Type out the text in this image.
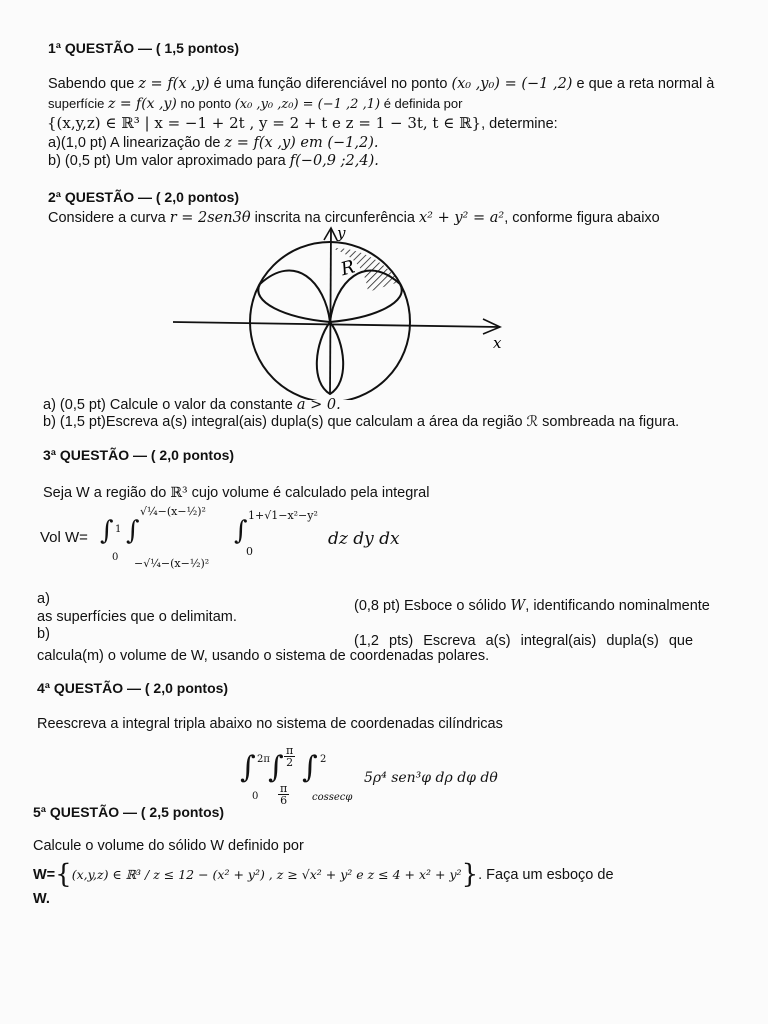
1ª QUESTÃO — ( 1,5 pontos)
Sabendo que z = f(x ,y) é uma função diferenciável no ponto (x₀ ,y₀) = (−1 ,2) e que a reta normal à
superfície z = f(x ,y) no ponto (x₀ ,y₀ ,z₀) = (−1 ,2 ,1) é definida por
{(x,y,z) ∈ ℝ³ | x = −1 + 2t , y = 2 + t e z = 1 − 3t, t ∈ ℝ}, determine:
a)(1,0 pt) A linearização de z = f(x ,y) em (−1,2).
b) (0,5 pt) Um valor aproximado para f(−0,9 ;2,4).
2ª QUESTÃO — ( 2,0 pontos)
Considere a curva r = 2sen3θ inscrita na circunferência x² + y² = a², conforme figura abaixo
y
x
R
a) (0,5 pt) Calcule o valor da constante a > 0.
b) (1,5 pt)Escreva a(s) integral(ais) dupla(s) que calculam a área da região ℛ sombreada na figura.
3ª QUESTÃO — ( 2,0 pontos)
Seja W a região do ℝ³ cujo volume é calculado pela integral
Vol W= ∫ 1
0
∫
√¼−(x−½)²
−√¼−(x−½)²
∫
1+√1−x²−y²
0
dz dy dx
a)	(0,8 pt) Esboce o sólido W, identificando nominalmente
as superfícies que o delimitam.
b)	(1,2 pts) Escreva a(s) integral(ais) dupla(s) que
calcula(m) o volume de W, usando o sistema de coordenadas polares.
4ª QUESTÃO — ( 2,0 pontos)
Reescreva a integral tripla abaixo no sistema de coordenadas cilíndricas
∫ 2π
0
∫ $\frac{\pi}{2}$
$\frac{\pi}{6}$
∫ 2
cossecφ
5ρ⁴ sen³φ dρ dφ dθ
5ª QUESTÃO — ( 2,5 pontos)
Calcule o volume do sólido W definido por
W={(x,y,z) ∈ ℝ³ / z ≤ 12 − (x² + y²) , z ≥ √x² + y² e z ≤ 4 + x² + y²}. Faça um esboço de
W.
